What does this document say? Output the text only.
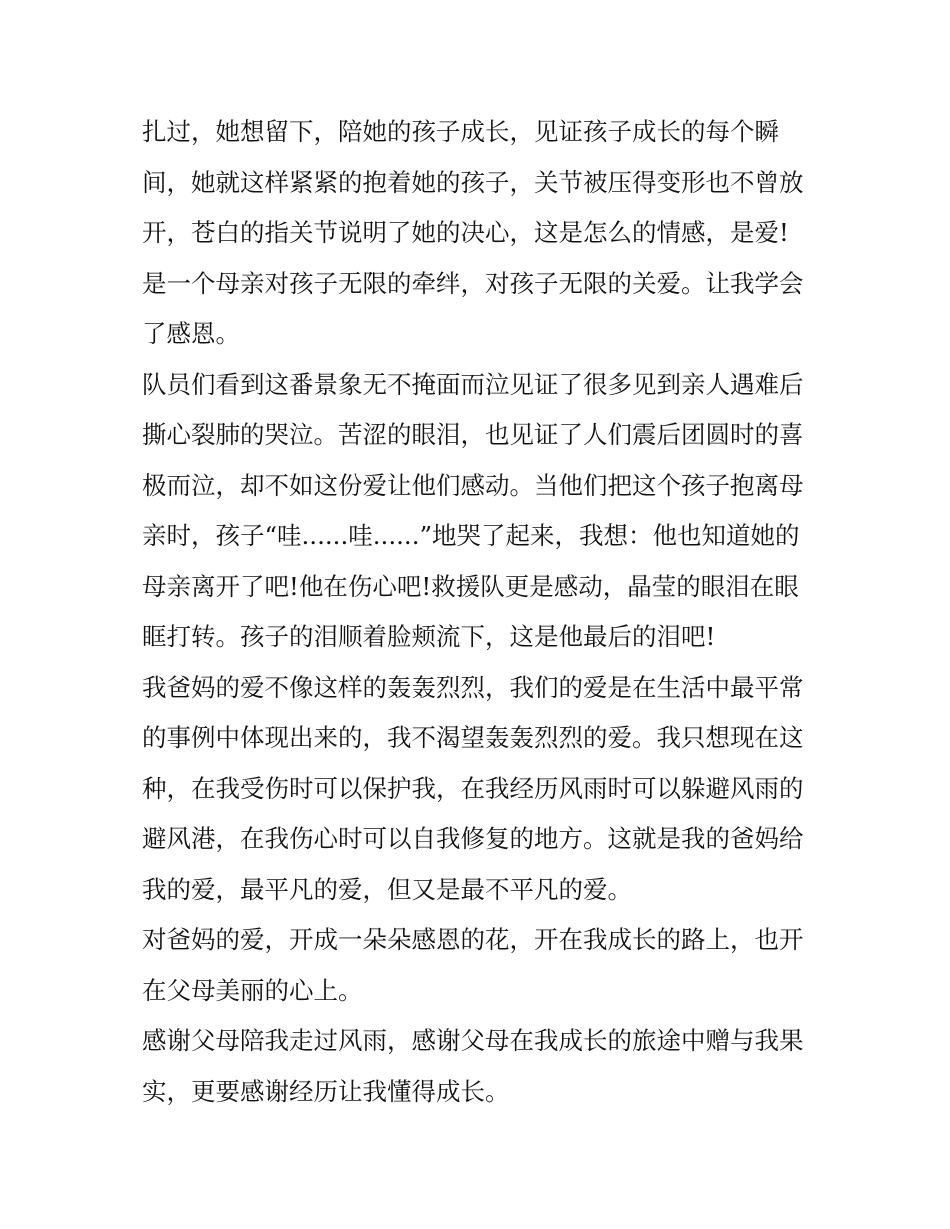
扎过，她想留下，陪她的孩子成长，见证孩子成长的每个瞬
间，她就这样紧紧的抱着她的孩子，关节被压得变形也不曾放
开，苍白的指关节说明了她的决心，这是怎么的情感，是爱!
是一个母亲对孩子无限的牵绊，对孩子无限的关爱。让我学会
了感恩。
队员们看到这番景象无不掩面而泣见证了很多见到亲人遇难后
撕心裂肺的哭泣。苦涩的眼泪，也见证了人们震后团圆时的喜
极而泣，却不如这份爱让他们感动。当他们把这个孩子抱离母
亲时，孩子“哇......哇......”地哭了起来，我想：他也知道她的
母亲离开了吧!他在伤心吧!救援队更是感动，晶莹的眼泪在眼
眶打转。孩子的泪顺着脸颊流下，这是他最后的泪吧!
我爸妈的爱不像这样的轰轰烈烈，我们的爱是在生活中最平常
的事例中体现出来的，我不渴望轰轰烈烈的爱。我只想现在这
种，在我受伤时可以保护我，在我经历风雨时可以躲避风雨的
避风港，在我伤心时可以自我修复的地方。这就是我的爸妈给
我的爱，最平凡的爱，但又是最不平凡的爱。
对爸妈的爱，开成一朵朵感恩的花，开在我成长的路上，也开
在父母美丽的心上。
感谢父母陪我走过风雨，感谢父母在我成长的旅途中赠与我果
实，更要感谢经历让我懂得成长。
